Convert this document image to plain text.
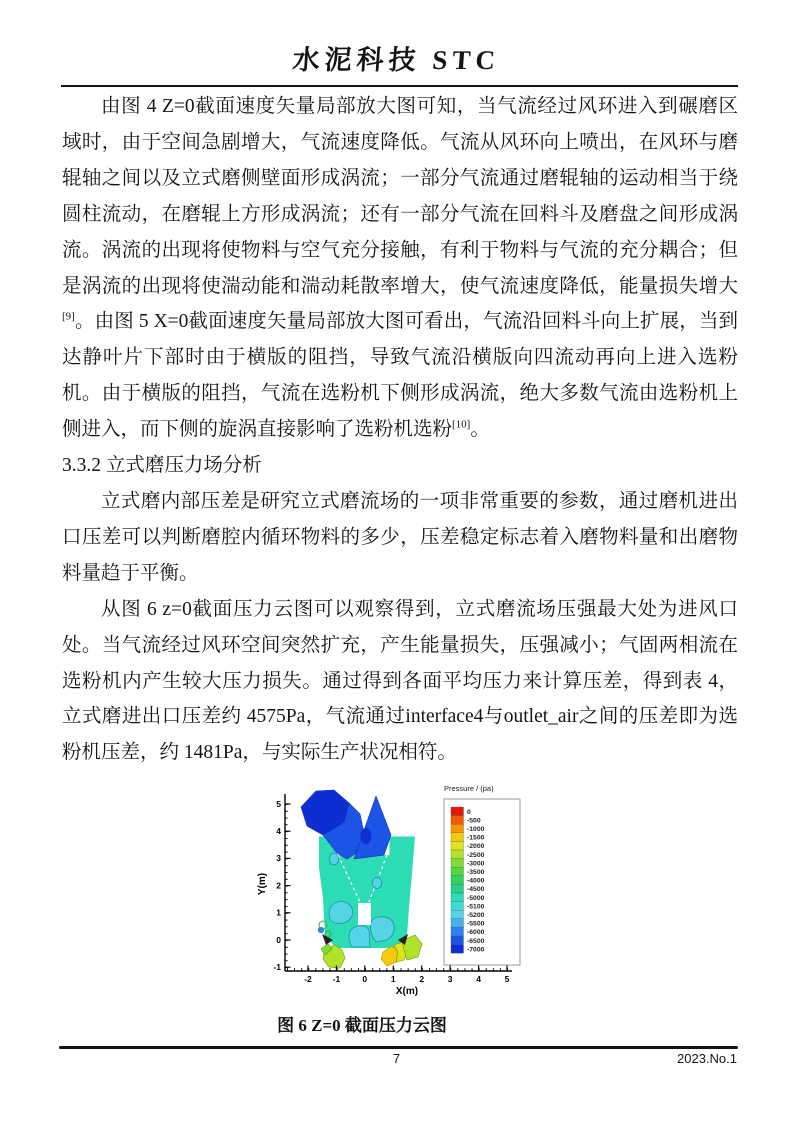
水泥科技 STC

由图 4 Z=0截面速度矢量局部放大图可知，当气流经过风环进入到碾磨区域时，由于空间急剧增大，气流速度降低。气流从风环向上喷出，在风环与磨辊轴之间以及立式磨侧壁面形成涡流；一部分气流通过磨辊轴的运动相当于绕圆柱流动，在磨辊上方形成涡流；还有一部分气流在回料斗及磨盘之间形成涡流。涡流的出现将使物料与空气充分接触，有利于物料与气流的充分耦合；但是涡流的出现将使湍动能和湍动耗散率增大，使气流速度降低，能量损失增大[9]。由图 5 X=0截面速度矢量局部放大图可看出，气流沿回料斗向上扩展，当到达静叶片下部时由于横版的阻挡，导致气流沿横版向四流动再向上进入选粉机。由于横版的阻挡，气流在选粉机下侧形成涡流，绝大多数气流由选粉机上侧进入，而下侧的旋涡直接影响了选粉机选粉[10]。

3.3.2 立式磨压力场分析

立式磨内部压差是研究立式磨流场的一项非常重要的参数，通过磨机进出口压差可以判断磨腔内循环物料的多少，压差稳定标志着入磨物料量和出磨物料量趋于平衡。

从图 6 z=0截面压力云图可以观察得到，立式磨流场压强最大处为进风口处。当气流经过风环空间突然扩充，产生能量损失，压强减小；气固两相流在选粉机内产生较大压力损失。通过得到各面平均压力来计算压差，得到表 4，立式磨进出口压差约 4575Pa，气流通过interface4与outlet_air之间的压差即为选粉机压差，约 1481Pa，与实际生产状况相符。

-2 -1	0	1	2	3	4	5
-1
0
1
2
3
4
5
X(m)
Y(m)
Pressure / (pa)
0
-500
-1000
-1500
-2000
-2500
-3000
-3500
-4000
-4500
-5000
-5100
-5200
-5500
-6000
-6500
-7000
图 6 Z=0 截面压力云图
7	2023.No.1
